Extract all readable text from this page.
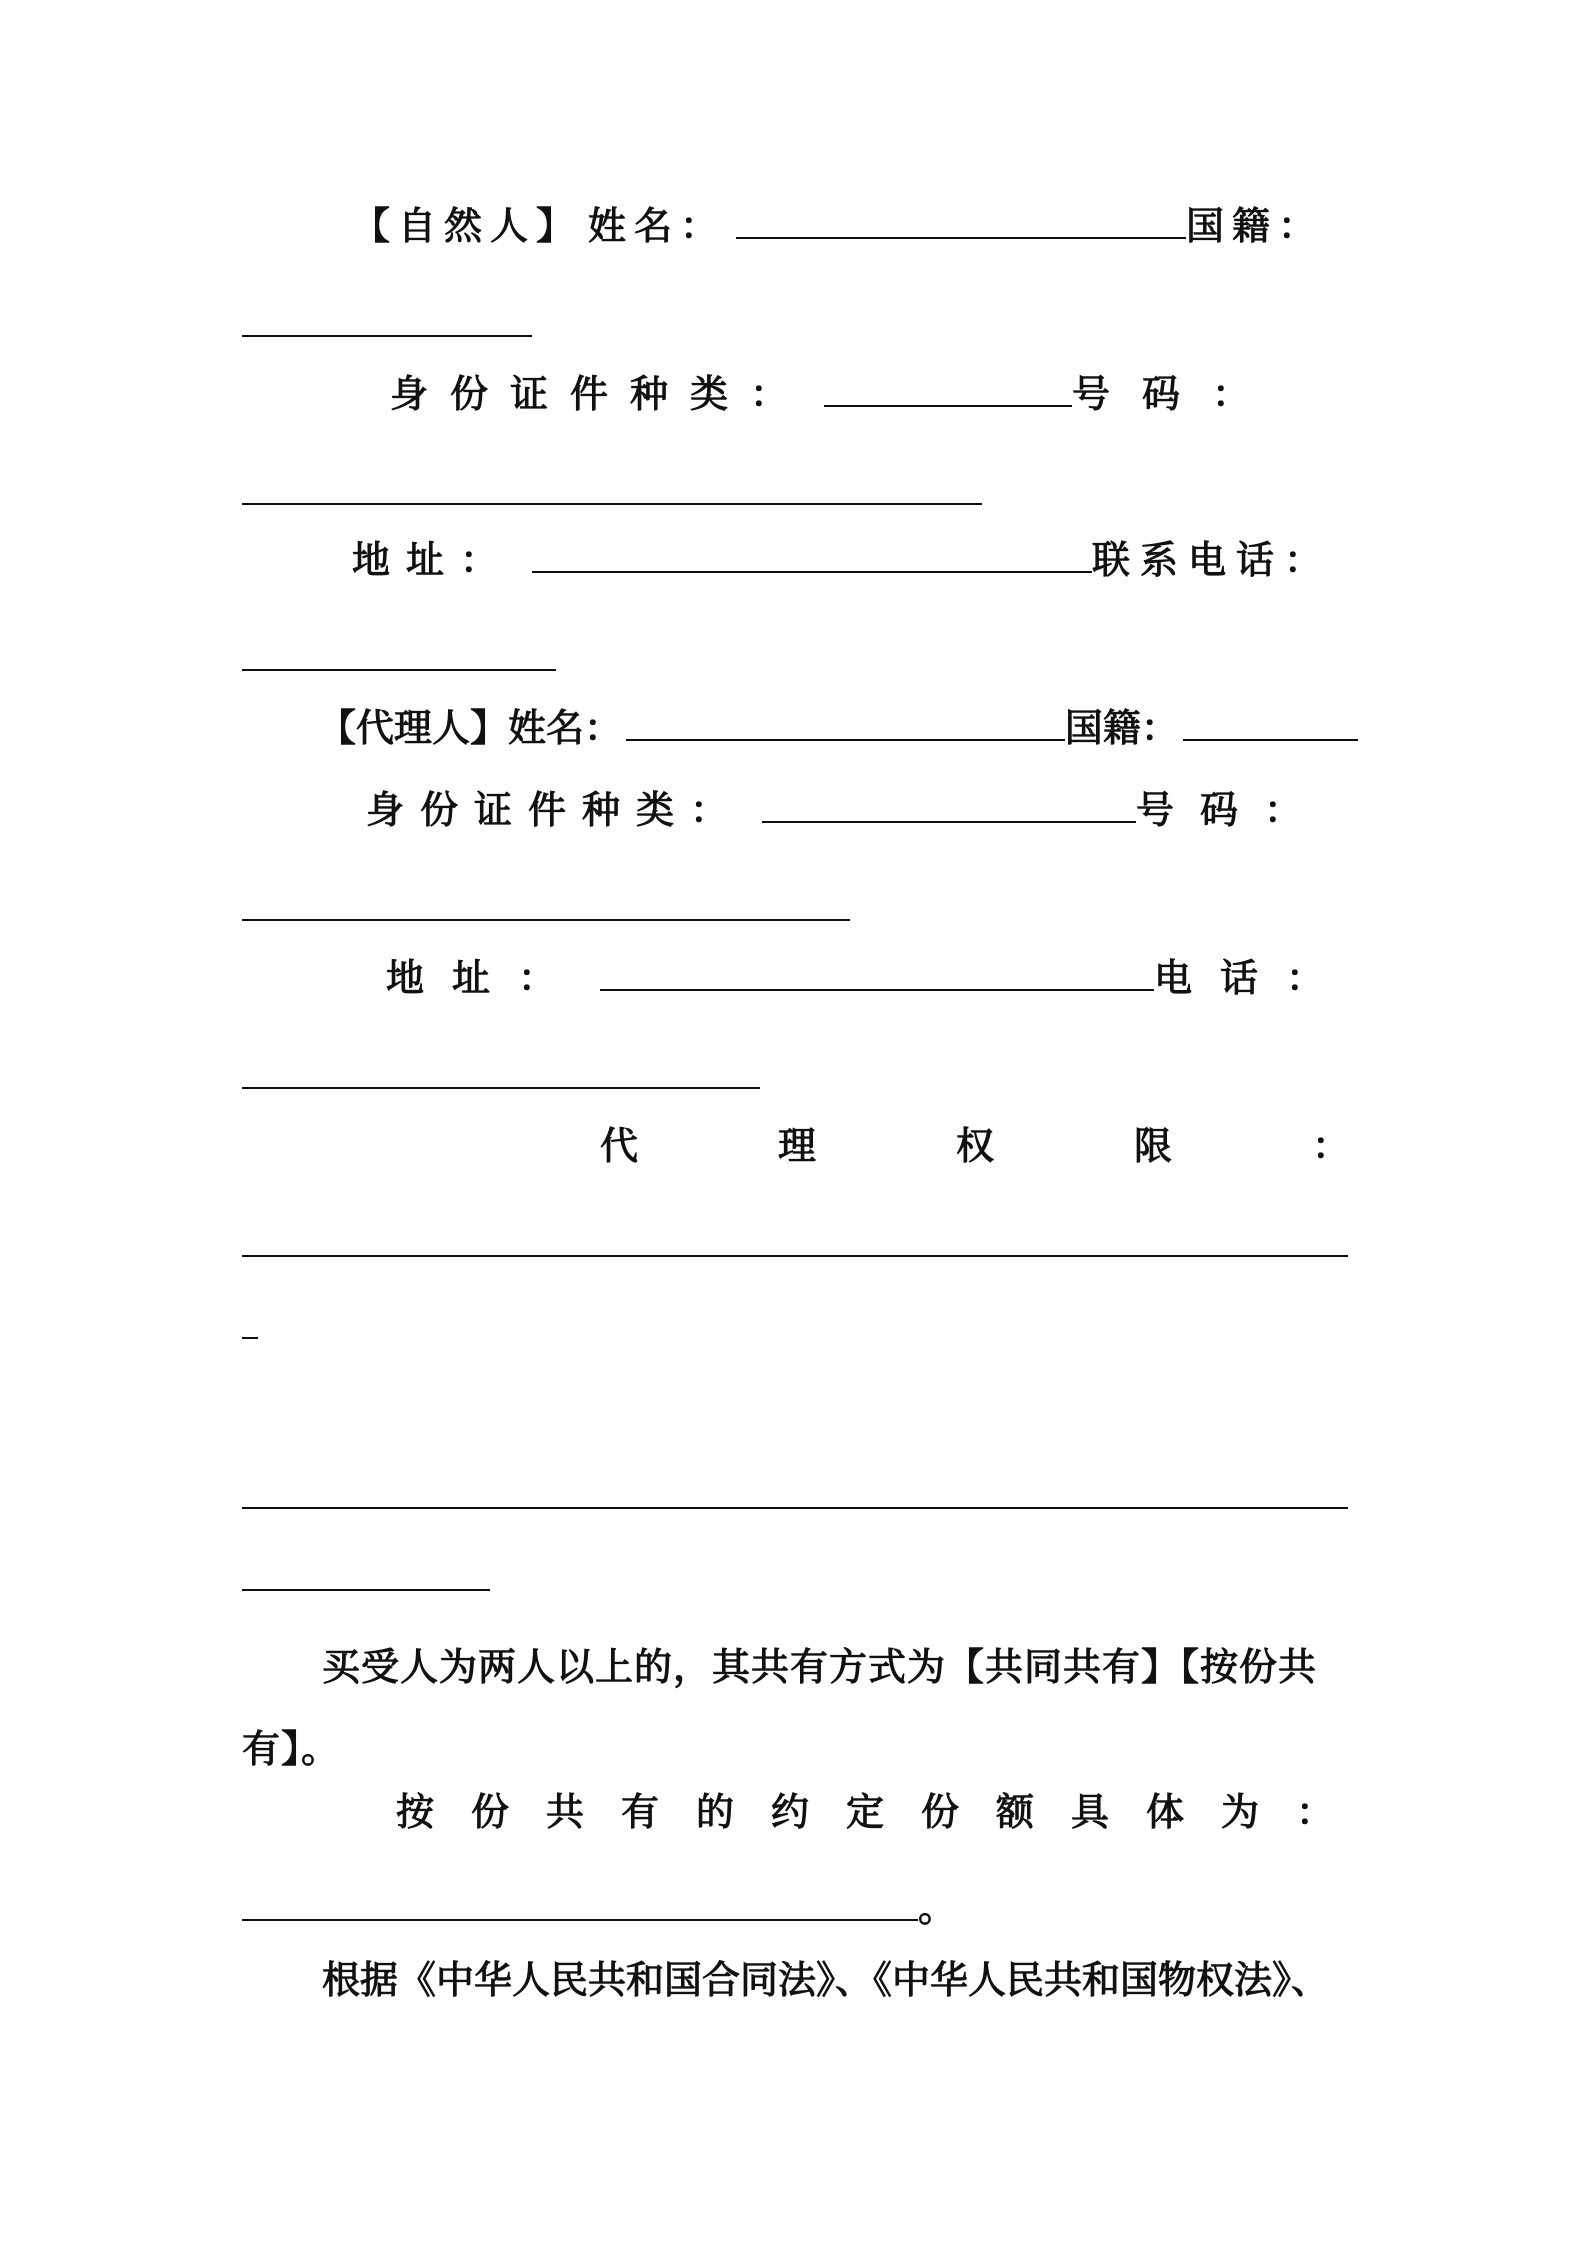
【自然人】 姓名：	国籍：
身份证件种类：	号码：
地址：	联系电话：
【代理人】 姓名：	国籍：
身份证件种类：	号码：
地址：	电话：
代理权限：
买受人为两人以上的，其共有方式为【共同共有】【按份共有】。
按份共有的约定份额具体为：
。
根据《中华人民共和国合同法》、《中华人民共和国物权法》、
